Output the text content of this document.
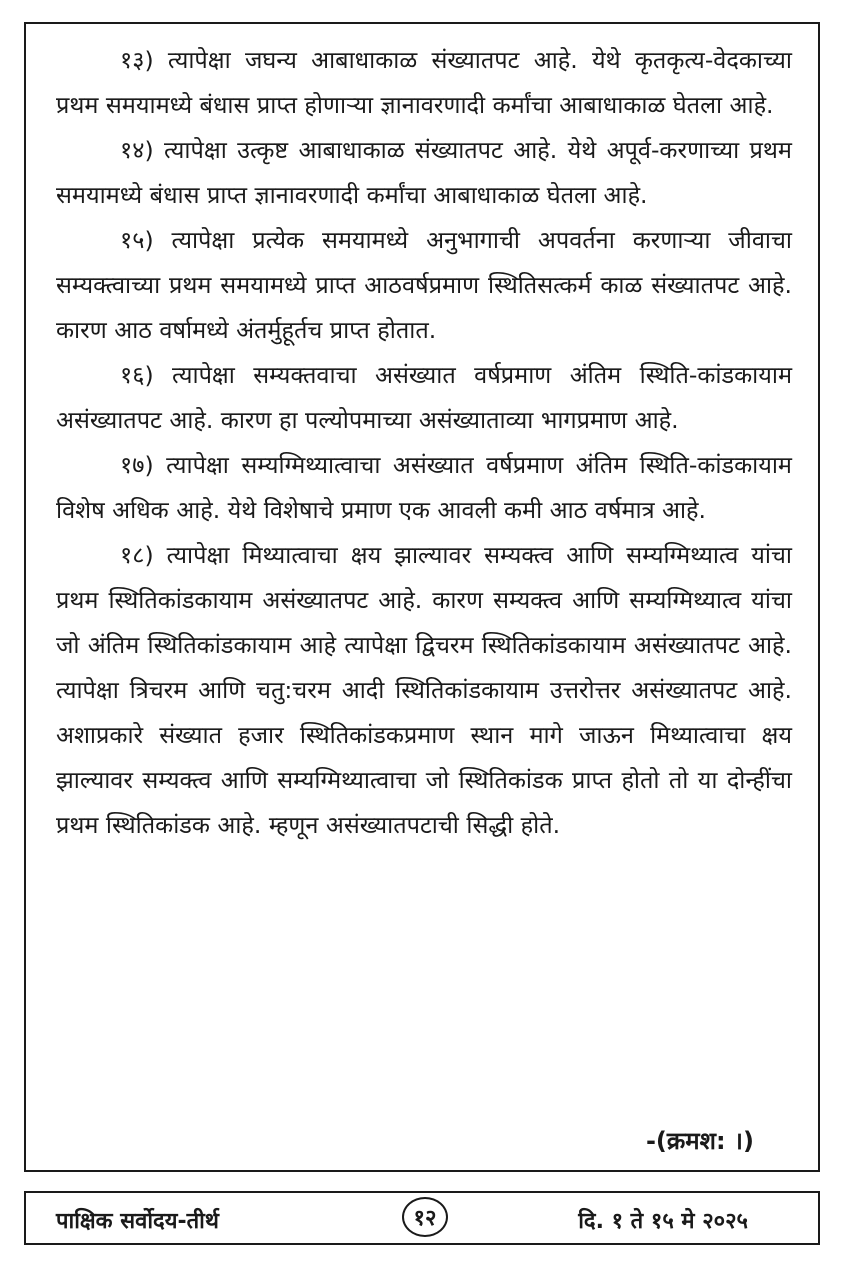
१३) त्यापेक्षा जघन्य आबाधाकाळ संख्यातपट आहे. येथे कृतकृत्य-वेदकाच्या प्रथम समयामध्ये बंधास प्राप्त होणाऱ्या ज्ञानावरणादी कर्मांचा आबाधाकाळ घेतला आहे.

१४) त्यापेक्षा उत्कृष्ट आबाधाकाळ संख्यातपट आहे. येथे अपूर्व-करणाच्या प्रथम समयामध्ये बंधास प्राप्त ज्ञानावरणादी कर्मांचा आबाधाकाळ घेतला आहे.

१५) त्यापेक्षा प्रत्येक समयामध्ये अनुभागाची अपवर्तना करणाऱ्या जीवाचा सम्यक्त्वाच्या प्रथम समयामध्ये प्राप्त आठवर्षप्रमाण स्थितिसत्कर्म काळ संख्यातपट आहे. कारण आठ वर्षामध्ये अंतर्मुहूर्तच प्राप्त होतात.

१६) त्यापेक्षा सम्यक्तवाचा असंख्यात वर्षप्रमाण अंतिम स्थिति-कांडकायाम असंख्यातपट आहे. कारण हा पल्योपमाच्या असंख्याताव्या भागप्रमाण आहे.

१७) त्यापेक्षा सम्यग्मिथ्यात्वाचा असंख्यात वर्षप्रमाण अंतिम स्थिति-कांडकायाम विशेष अधिक आहे. येथे विशेषाचे प्रमाण एक आवली कमी आठ वर्षमात्र आहे.

१८) त्यापेक्षा मिथ्यात्वाचा क्षय झाल्यावर सम्यक्त्व आणि सम्यग्मिथ्यात्व यांचा प्रथम स्थितिकांडकायाम असंख्यातपट आहे. कारण सम्यक्त्व आणि सम्यग्मिथ्यात्व यांचा जो अंतिम स्थितिकांडकायाम आहे त्यापेक्षा द्विचरम स्थितिकांडकायाम असंख्यातपट आहे. त्यापेक्षा त्रिचरम आणि चतु:चरम आदी स्थितिकांडकायाम उत्तरोत्तर असंख्यातपट आहे. अशाप्रकारे संख्यात हजार स्थितिकांडकप्रमाण स्थान मागे जाऊन मिथ्यात्वाचा क्षय झाल्यावर सम्यक्त्व आणि सम्यग्मिथ्यात्वाचा जो स्थितिकांडक प्राप्त होतो तो या दोन्हींचा प्रथम स्थितिकांडक आहे. म्हणून असंख्यातपटाची सिद्धी होते.

-(क्रमश: ।)
पाक्षिक सर्वोदय-तीर्थ	१२	दि. १ ते १५ मे २०२५
